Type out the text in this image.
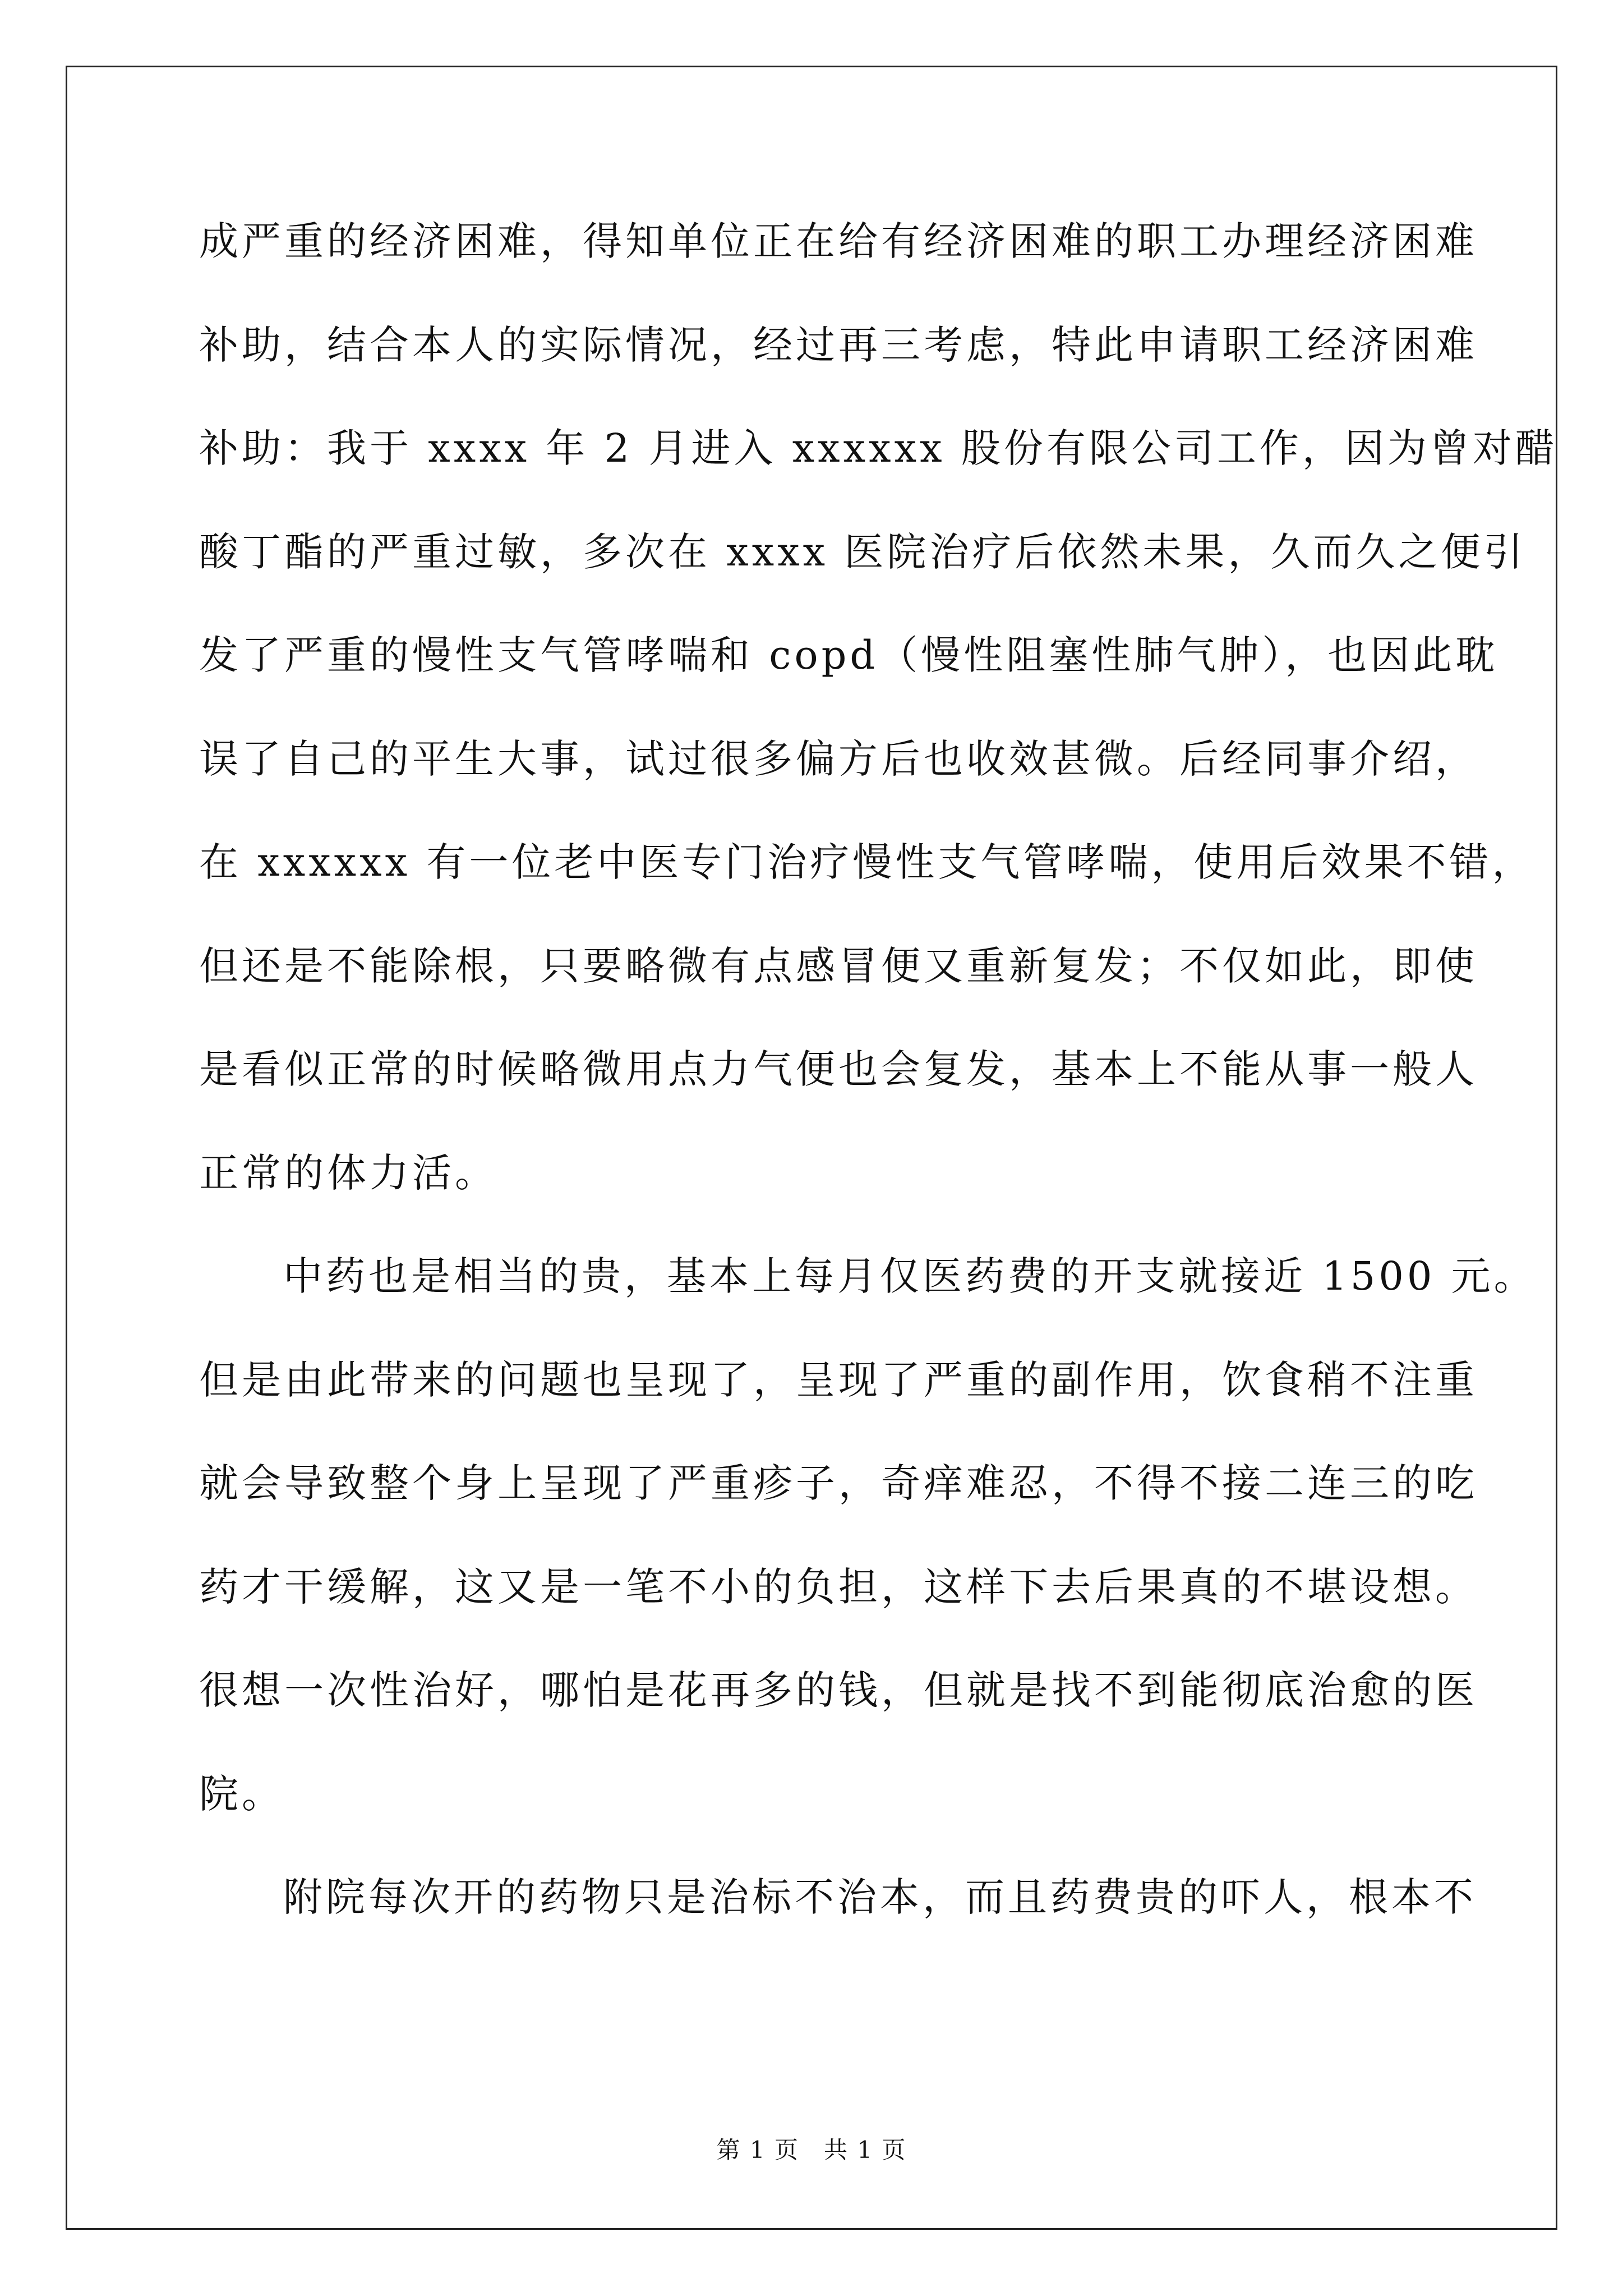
成严重的经济困难，得知单位正在给有经济困难的职工办理经济困难
补助，结合本人的实际情况，经过再三考虑，特此申请职工经济困难
补助：我于 xxxx 年 2 月进入 xxxxxx 股份有限公司工作，因为曾对醋
酸丁酯的严重过敏，多次在 xxxx 医院治疗后依然未果，久而久之便引
发了严重的慢性支气管哮喘和 copd（慢性阻塞性肺气肿），也因此耽
误了自己的平生大事，试过很多偏方后也收效甚微。后经同事介绍，
在 xxxxxx 有一位老中医专门治疗慢性支气管哮喘，使用后效果不错，
但还是不能除根，只要略微有点感冒便又重新复发；不仅如此，即使
是看似正常的时候略微用点力气便也会复发，基本上不能从事一般人
正常的体力活。
中药也是相当的贵，基本上每月仅医药费的开支就接近 1500 元。
但是由此带来的问题也呈现了，呈现了严重的副作用，饮食稍不注重
就会导致整个身上呈现了严重疹子，奇痒难忍，不得不接二连三的吃
药才干缓解，这又是一笔不小的负担，这样下去后果真的不堪设想。
很想一次性治好，哪怕是花再多的钱，但就是找不到能彻底治愈的医
院。
附院每次开的药物只是治标不治本，而且药费贵的吓人，根本不
第 1 页　共 1 页
